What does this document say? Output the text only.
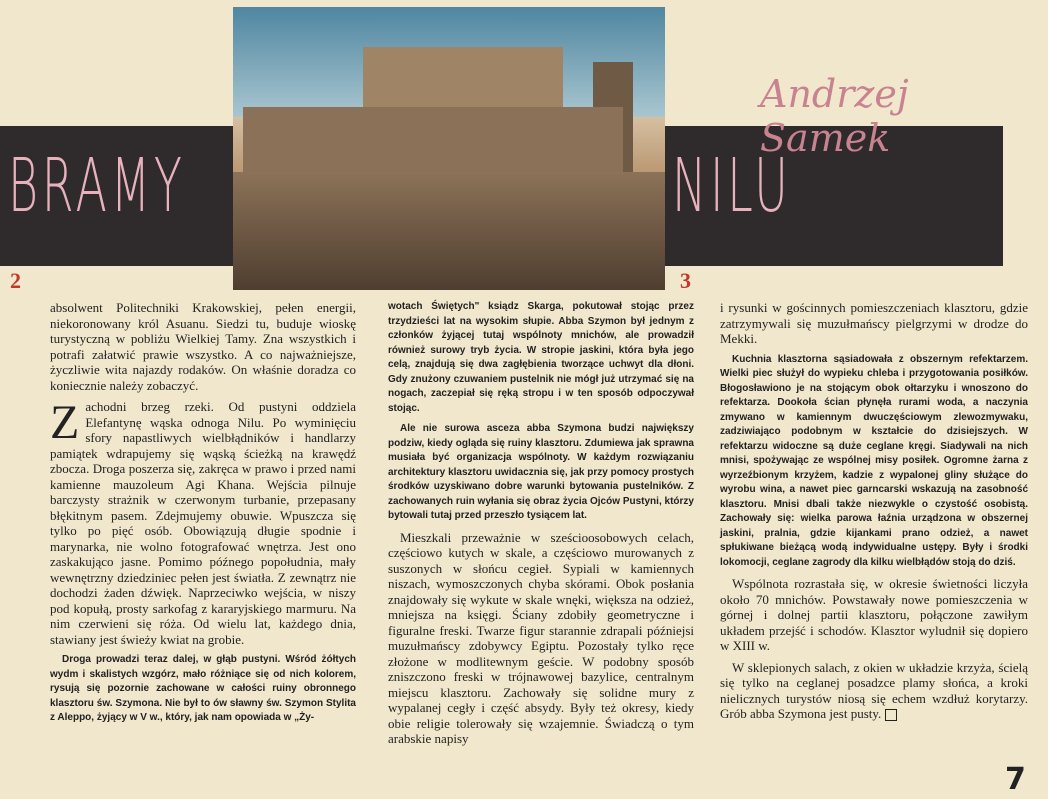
BRAMY	NILU
Andrzej Samek
2	3

absolwent Politechniki Krakowskiej, pełen energii, niekoronowany król Asuanu. Siedzi tu, buduje wioskę turystyczną w pobliżu Wielkiej Tamy. Zna wszystkich i potrafi załatwić prawie wszystko. A co najważniejsze, życzliwie wita najazdy rodaków. On właśnie doradza co koniecznie należy zobaczyć.

Zachodni brzeg rzeki. Od pustyni oddziela Elefantynę wąska odnoga Nilu. Po wyminięciu sfory napastliwych wielbłądników i handlarzy pamiątek wdrapujemy się wąską ścieżką na krawędź zbocza. Droga poszerza się, zakręca w prawo i przed nami kamienne mauzoleum Agi Khana. Wejścia pilnuje barczysty strażnik w czerwonym turbanie, przepasany błękitnym pasem. Zdejmujemy obuwie. Wpuszcza się tylko po pięć osób. Obowiązują długie spodnie i marynarka, nie wolno fotografować wnętrza. Jest ono zaskakująco jasne. Pomimo późnego popołudnia, mały wewnętrzny dziedziniec pełen jest światła. Z zewnątrz nie dochodzi żaden dźwięk. Naprzeciwko wejścia, w niszy pod kopułą, prosty sarkofag z kararyjskiego marmuru. Na nim czerwieni się róża. Od wielu lat, każdego dnia, stawiany jest świeży kwiat na grobie.

Droga prowadzi teraz dalej, w głąb pustyni. Wśród żółtych wydm i skalistych wzgórz, mało różniące się od nich kolorem, rysują się pozornie zachowane w całości ruiny obronnego klasztoru św. Szymona. Nie był to ów sławny św. Szymon Stylita z Aleppo, żyjący w V w., który, jak nam opowiada w „Ży-

wotach Świętych" ksiądz Skarga, pokutował stojąc przez trzydzieści lat na wysokim słupie. Abba Szymon był jednym z członków żyjącej tutaj wspólnoty mnichów, ale prowadził również surowy tryb życia. W stropie jaskini, która była jego celą, znajdują się dwa zagłębienia tworzące uchwyt dla dłoni. Gdy znużony czuwaniem pustelnik nie mógł już utrzymać się na nogach, zaczepiał się ręką stropu i w ten sposób odpoczywał stojąc.

Ale nie surowa asceza abba Szymona budzi największy podziw, kiedy ogląda się ruiny klasztoru. Zdumiewa jak sprawna musiała być organizacja wspólnoty. W każdym rozwiązaniu architektury klasztoru uwidacznia się, jak przy pomocy prostych środków uzyskiwano dobre warunki bytowania pustelników. Z zachowanych ruin wyłania się obraz życia Ojców Pustyni, którzy bytowali tutaj przed przeszło tysiącem lat.

Mieszkali przeważnie w sześcioosobowych celach, częściowo kutych w skale, a częściowo murowanych z suszonych w słońcu cegieł. Sypiali w kamiennych niszach, wymoszczonych chyba skórami. Obok posłania znajdowały się wykute w skale wnęki, większa na odzież, mniejsza na księgi. Ściany zdobiły geometryczne i figuralne freski. Twarze figur starannie zdrapali późniejsi muzułmańscy zdobywcy Egiptu. Pozostały tylko ręce złożone w modlitewnym geście. W podobny sposób zniszczono freski w trójnawowej bazylice, centralnym miejscu klasztoru. Zachowały się solidne mury z wypalanej cegły i część absydy. Były też okresy, kiedy obie religie tolerowały się wzajemnie. Świadczą o tym arabskie napisy

i rysunki w gościnnych pomieszczeniach klasztoru, gdzie zatrzymywali się muzułmańscy pielgrzymi w drodze do Mekki.

Kuchnia klasztorna sąsiadowała z obszernym refektarzem. Wielki piec służył do wypieku chleba i przygotowania posiłków. Błogosławiono je na stojącym obok ołtarzyku i wnoszono do refektarza. Dookoła ścian płynęła rurami woda, a naczynia zmywano w kamiennym dwuczęściowym zlewozmywaku, zadziwiająco podobnym w kształcie do dzisiejszych. W refektarzu widoczne są duże ceglane kręgi. Siadywali na nich mnisi, spożywając ze wspólnej misy posiłek. Ogromne żarna z wyrzeźbionym krzyżem, kadzie z wypalonej gliny służące do wyrobu wina, a nawet piec garncarski wskazują na zasobność klasztoru. Mnisi dbali także niezwykle o czystość osobistą. Zachowały się: wielka parowa łaźnia urządzona w obszernej jaskini, pralnia, gdzie kijankami prano odzież, a nawet spłukiwane bieżącą wodą indywidualne ustępy. Były i środki lokomocji, ceglane zagrody dla kilku wielbłądów stoją do dziś.

Wspólnota rozrastała się, w okresie świetności liczyła około 70 mnichów. Powstawały nowe pomieszczenia w górnej i dolnej partii klasztoru, połączone zawiłym układem przejść i schodów. Klasztor wyludnił się dopiero w XIII w.

W sklepionych salach, z okien w układzie krzyża, ścielą się tylko na ceglanej posadzce plamy słońca, a kroki nielicznych turystów niosą się echem wzdłuż korytarzy. Grób abba Szymona jest pusty.

7
